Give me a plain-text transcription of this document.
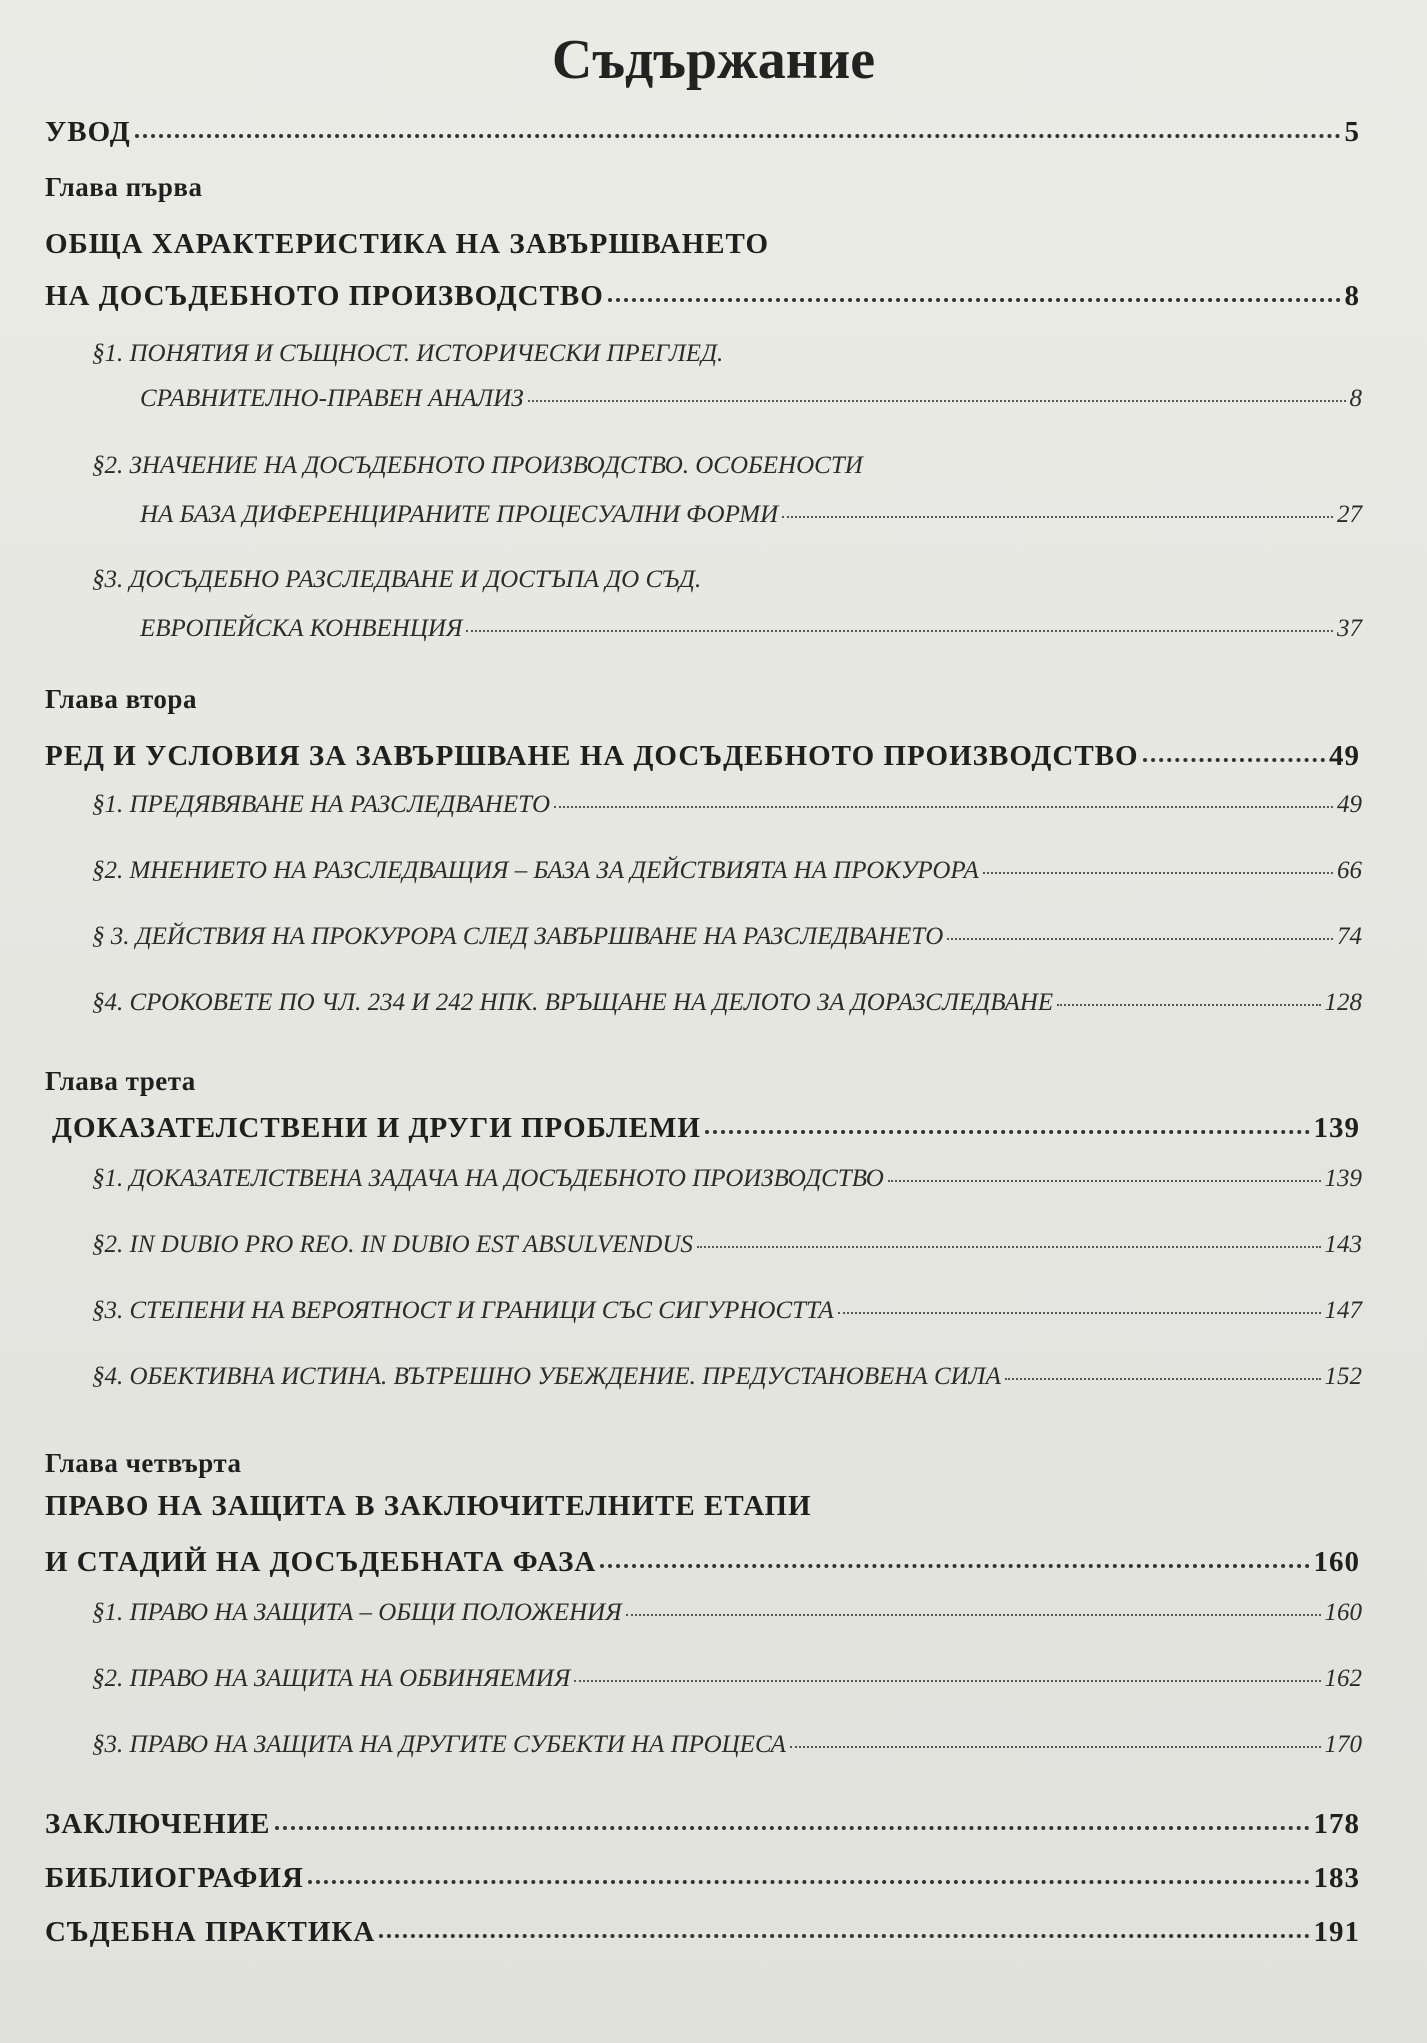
Съдържание
УВОД	5
Глава първа
ОБЩА ХАРАКТЕРИСТИКА НА ЗАВЪРШВАНЕТО
НА ДОСЪДЕБНОТО ПРОИЗВОДСТВО	8
§1. ПОНЯТИЯ И СЪЩНОСТ. ИСТОРИЧЕСКИ ПРЕГЛЕД.
СРАВНИТЕЛНО-ПРАВЕН АНАЛИЗ	8
§2. ЗНАЧЕНИЕ НА ДОСЪДЕБНОТО ПРОИЗВОДСТВО. ОСОБЕНОСТИ
НА БАЗА ДИФЕРЕНЦИРАНИТЕ ПРОЦЕСУАЛНИ ФОРМИ	27
§3. ДОСЪДЕБНО РАЗСЛЕДВАНЕ И ДОСТЪПА ДО СЪД.
ЕВРОПЕЙСКА КОНВЕНЦИЯ	37
Глава втора
РЕД И УСЛОВИЯ ЗА ЗАВЪРШВАНЕ НА ДОСЪДЕБНОТО ПРОИЗВОДСТВО	49
§1. ПРЕДЯВЯВАНЕ НА РАЗСЛЕДВАНЕТО	49
§2. МНЕНИЕТО НА РАЗСЛЕДВАЩИЯ – БАЗА ЗА ДЕЙСТВИЯТА НА ПРОКУРОРА	66
§ 3. ДЕЙСТВИЯ НА ПРОКУРОРА СЛЕД ЗАВЪРШВАНЕ НА РАЗСЛЕДВАНЕТО	74
§4. СРОКОВЕТЕ ПО ЧЛ. 234 И 242 НПК. ВРЪЩАНЕ НА ДЕЛОТО ЗА ДОРАЗСЛЕДВАНЕ	128
Глава трета
ДОКАЗАТЕЛСТВЕНИ И ДРУГИ ПРОБЛЕМИ	139
§1. ДОКАЗАТЕЛСТВЕНА ЗАДАЧА НА ДОСЪДЕБНОТО ПРОИЗВОДСТВО	139
§2. IN DUBIO PRO REO. IN DUBIO EST ABSULVENDUS	143
§3. СТЕПЕНИ НА ВЕРОЯТНОСТ И ГРАНИЦИ СЪС СИГУРНОСТТА	147
§4. ОБЕКТИВНА ИСТИНА. ВЪТРЕШНО УБЕЖДЕНИЕ. ПРЕДУСТАНОВЕНА СИЛА	152
Глава четвърта
ПРАВО НА ЗАЩИТА В ЗАКЛЮЧИТЕЛНИТЕ ЕТАПИ
И СТАДИЙ НА ДОСЪДЕБНАТА ФАЗА	160
§1. ПРАВО НА ЗАЩИТА – ОБЩИ ПОЛОЖЕНИЯ	160
§2. ПРАВО НА ЗАЩИТА НА ОБВИНЯЕМИЯ	162
§3. ПРАВО НА ЗАЩИТА НА ДРУГИТЕ СУБЕКТИ НА ПРОЦЕСА	170
ЗАКЛЮЧЕНИЕ	178
БИБЛИОГРАФИЯ	183
СЪДЕБНА ПРАКТИКА	191
